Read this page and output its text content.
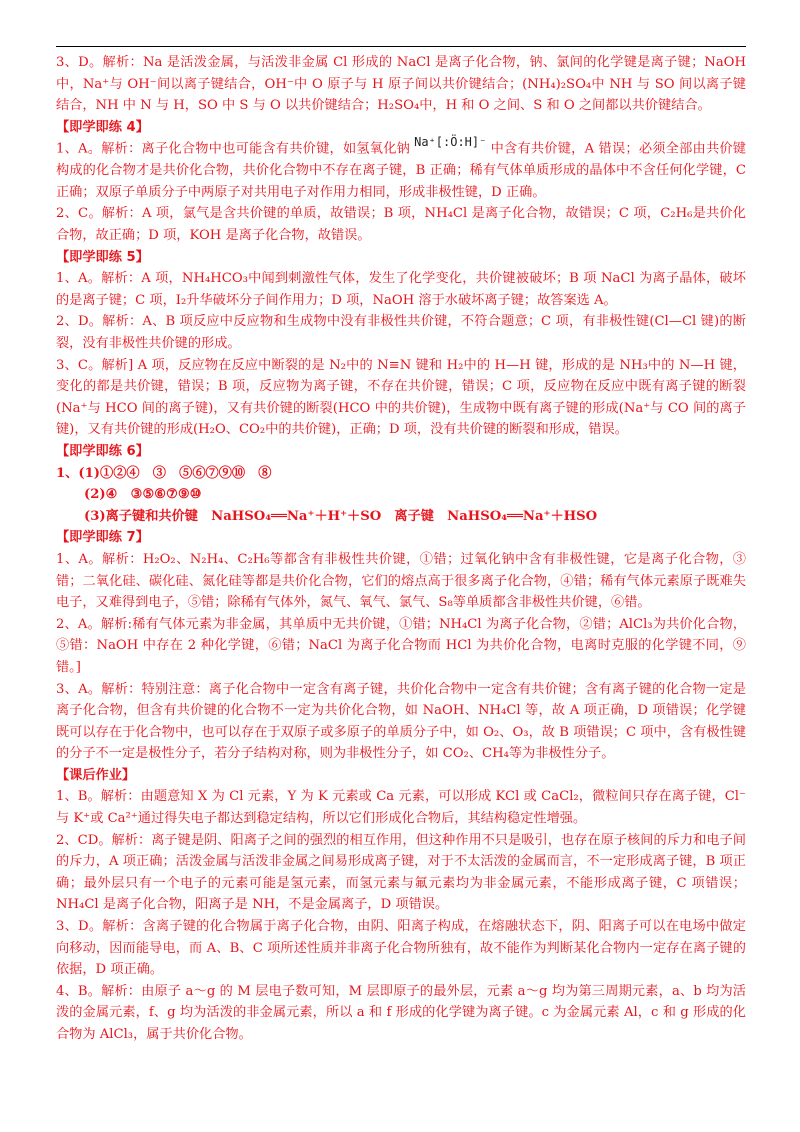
3、D。解析：Na 是活泼金属，与活泼非金属 Cl 形成的 NaCl 是离子化合物，钠、氯间的化学键是离子键；NaOH 中，Na⁺与 OH⁻间以离子键结合，OH⁻中 O 原子与 H 原子间以共价键结合；(NH₄)₂SO₄中 NH 与 SO 间以离子键结合，NH 中 N 与 H，SO 中 S 与 O 以共价键结合；H₂SO₄中，H 和 O 之间、S 和 O 之间都以共价键结合。

【即学即练 4】

1、A。解析：离子化合物中也可能含有共价键，如氢氧化钠 Na⁺[:Ö:H]⁻ 中含有共价键，A 错误；必须全部由共价键构成的化合物才是共价化合物，共价化合物中不存在离子键，B 正确；稀有气体单质形成的晶体中不含任何化学键，C 正确；双原子单质分子中两原子对共用电子对作用力相同，形成非极性键，D 正确。

2、C。解析：A 项，氯气是含共价键的单质，故错误；B 项，NH₄Cl 是离子化合物，故错误；C 项，C₂H₆是共价化合物，故正确；D 项，KOH 是离子化合物，故错误。

【即学即练 5】

1、A。解析：A 项，NH₄HCO₃中闻到刺激性气体，发生了化学变化，共价键被破坏；B 项 NaCl 为离子晶体，破坏的是离子键；C 项，I₂升华破坏分子间作用力；D 项，NaOH 溶于水破坏离子键；故答案选 A。

2、D。解析：A、B 项反应中反应物和生成物中没有非极性共价键，不符合题意；C 项，有非极性键(Cl—Cl 键)的断裂，没有非极性共价键的形成。

3、C。解析] A 项，反应物在反应中断裂的是 N₂中的 N≡N 键和 H₂中的 H—H 键，形成的是 NH₃中的 N—H 键，变化的都是共价键，错误；B 项，反应物为离子键，不存在共价键，错误；C 项，反应物在反应中既有离子键的断裂(Na⁺与 HCO 间的离子键)，又有共价键的断裂(HCO 中的共价键)，生成物中既有离子键的形成(Na⁺与 CO 间的离子键)，又有共价键的形成(H₂O、CO₂中的共价键)，正确；D 项，没有共价键的断裂和形成，错误。

【即学即练 6】

1、(1)①②④　③　⑤⑥⑦⑨⑩　⑧

(2)④　③⑤⑥⑦⑨⑩

(3)离子键和共价键　NaHSO₄══Na⁺＋H⁺＋SO　离子键　NaHSO₄══Na⁺＋HSO

【即学即练 7】

1、A。解析：H₂O₂、N₂H₄、C₂H₆等都含有非极性共价键，①错；过氧化钠中含有非极性键，它是离子化合物，③错；二氧化硅、碳化硅、氮化硅等都是共价化合物，它们的熔点高于很多离子化合物，④错；稀有气体元素原子既难失电子，又难得到电子，⑤错；除稀有气体外，氮气、氧气、氯气、S₈等单质都含非极性共价键，⑥错。

2、A。解析:稀有气体元素为非金属，其单质中无共价键，①错；NH₄Cl 为离子化合物，②错；AlCl₃为共价化合物，⑤错：NaOH 中存在 2 种化学键，⑥错；NaCl 为离子化合物而 HCl 为共价化合物，电离时克服的化学键不同，⑨错。]

3、A。解析：特别注意：离子化合物中一定含有离子键，共价化合物中一定含有共价键；含有离子键的化合物一定是离子化合物，但含有共价键的化合物不一定为共价化合物，如 NaOH、NH₄Cl 等，故 A 项正确，D 项错误；化学键既可以存在于化合物中，也可以存在于双原子或多原子的单质分子中，如 O₂、O₃，故 B 项错误；C 项中，含有极性键的分子不一定是极性分子，若分子结构对称，则为非极性分子，如 CO₂、CH₄等为非极性分子。

【课后作业】

1、B。解析：由题意知 X 为 Cl 元素，Y 为 K 元素或 Ca 元素，可以形成 KCl 或 CaCl₂，微粒间只存在离子键，Cl⁻与 K⁺或 Ca²⁺通过得失电子都达到稳定结构，所以它们形成化合物后，其结构稳定性增强。

2、CD。解析：离子键是阴、阳离子之间的强烈的相互作用，但这种作用不只是吸引，也存在原子核间的斥力和电子间的斥力，A 项正确；活泼金属与活泼非金属之间易形成离子键，对于不太活泼的金属而言，不一定形成离子键，B 项正确；最外层只有一个电子的元素可能是氢元素，而氢元素与氟元素均为非金属元素，不能形成离子键，C 项错误；NH₄Cl 是离子化合物，阳离子是 NH，不是金属离子，D 项错误。

3、D。解析：含离子键的化合物属于离子化合物，由阴、阳离子构成，在熔融状态下，阴、阳离子可以在电场中做定向移动，因而能导电，而 A、B、C 项所述性质并非离子化合物所独有，故不能作为判断某化合物内一定存在离子键的依据，D 项正确。

4、B。解析：由原子 a～g 的 M 层电子数可知，M 层即原子的最外层，元素 a～g 均为第三周期元素，a、b 均为活泼的金属元素，f、g 均为活泼的非金属元素，所以 a 和 f 形成的化学键为离子键。c 为金属元素 Al，c 和 g 形成的化合物为 AlCl₃，属于共价化合物。
